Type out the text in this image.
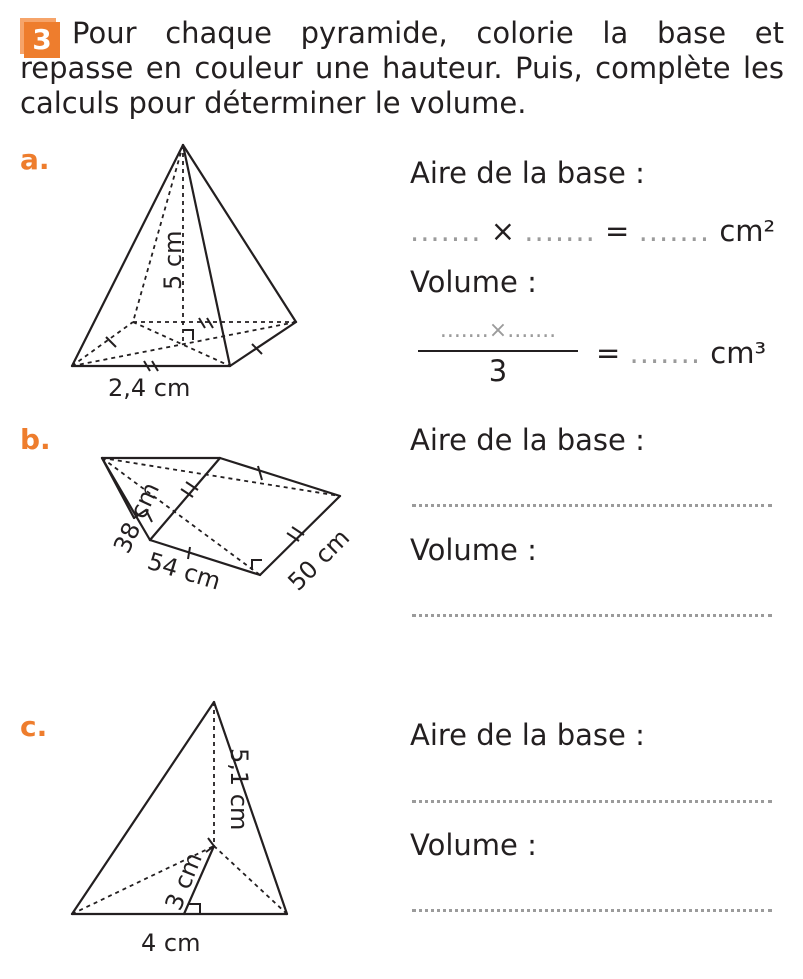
3 Pour chaque pyramide, colorie la base et repasse en couleur une hauteur. Puis, complète les calculs pour déterminer le volume.
a.
5 cm
2,4 cm
38 cm
54 cm 50 cm
5,1 cm
3 cm
4 cm
Aire de la base :
....... × ....... = ....... cm²
Volume :
.......×.......
3
= ....... cm³
b.	Aire de la base :
Volume :
c.	Aire de la base :
Volume :
